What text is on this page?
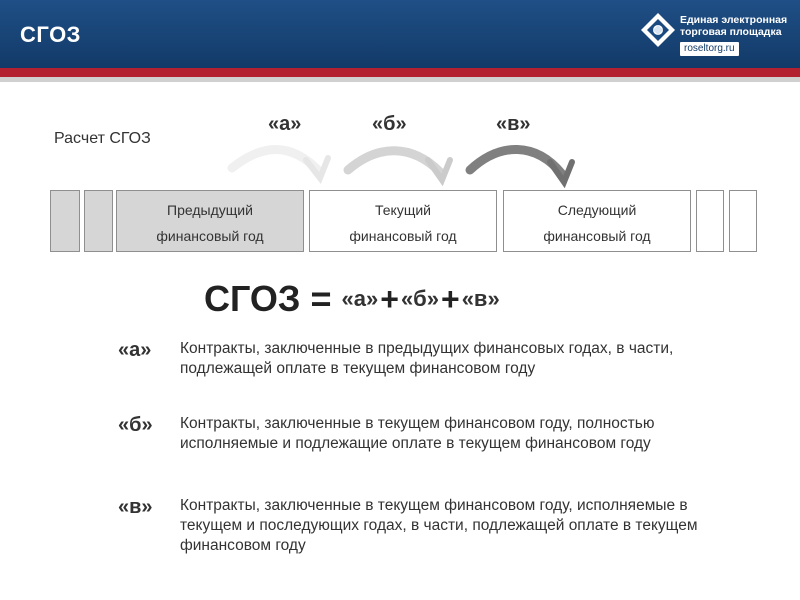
СГОЗ
Единая электронная
торговая площадка
roseltorg.ru
Расчет СГОЗ
«а»	«б»	«в»
Предыдущий
финансовый год
Текущий
финансовый год
Следующий
финансовый год
СГОЗ = «а» + «б» + «в»
«а» Контракты, заключенные в предыдущих финансовых годах, в части, подлежащей оплате в текущем финансовом году
«б» Контракты, заключенные в текущем финансовом году, полностью исполняемые и подлежащие оплате в текущем финансовом году
«в» Контракты, заключенные в текущем финансовом году, исполняемые в текущем и последующих годах, в части, подлежащей оплате в текущем финансовом году
